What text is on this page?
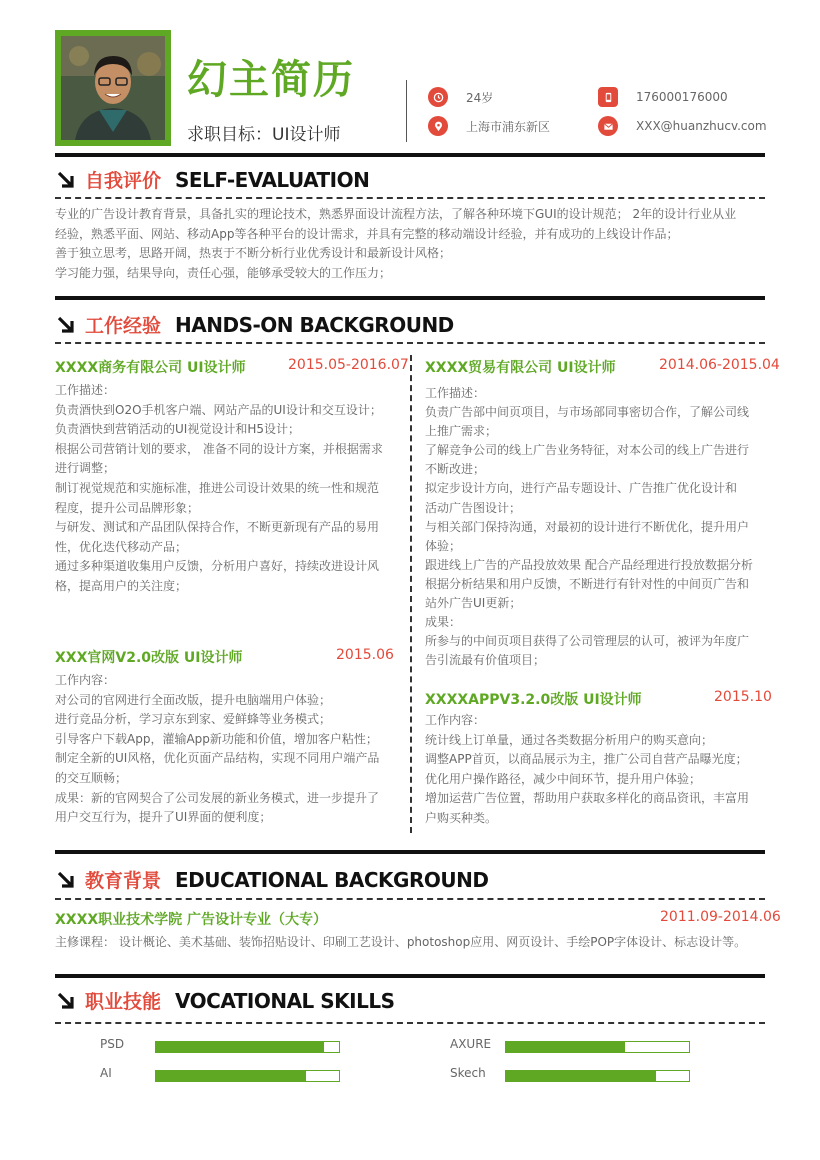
幻主简历
求职目标：UI设计师
24岁
上海市浦东新区
176000176000
XXX@huanzhucv.com
自我评价 SELF-EVALUATION
专业的广告设计教育背景，具备扎实的理论技术，熟悉界面设计流程方法，了解各种环境下GUI的设计规范； 2年的设计行业从业
经验，熟悉平面、网站、移动App等各种平台的设计需求，并具有完整的移动端设计经验，并有成功的上线设计作品；
善于独立思考，思路开阔，热衷于不断分析行业优秀设计和最新设计风格；
学习能力强，结果导向，责任心强，能够承受较大的工作压力；
工作经验 HANDS-ON BACKGROUND
XXXX商务有限公司 UI设计师	2015.05-2016.07
工作描述：
负责酒快到O2O手机客户端、网站产品的UI设计和交互设计；
负责酒快到营销活动的UI视觉设计和H5设计；
根据公司营销计划的要求， 准备不同的设计方案，并根据需求
进行调整；
制订视觉规范和实施标准，推进公司设计效果的统一性和规范
程度，提升公司品牌形象；
与研发、测试和产品团队保持合作，不断更新现有产品的易用
性，优化迭代移动产品；
通过多种渠道收集用户反馈，分析用户喜好，持续改进设计风
格，提高用户的关注度；
XXX官网V2.0改版 UI设计师	2015.06
工作内容：
对公司的官网进行全面改版，提升电脑端用户体验；
进行竞品分析，学习京东到家、爱鲜蜂等业务模式；
引导客户下载App，灌输App新功能和价值，增加客户粘性；
制定全新的UI风格，优化页面产品结构，实现不同用户端产品
的交互顺畅；
成果：新的官网契合了公司发展的新业务模式，进一步提升了
用户交互行为，提升了UI界面的便利度；
XXXX贸易有限公司 UI设计师	2014.06-2015.04
工作描述：
负责广告部中间页项目，与市场部同事密切合作，了解公司线
上推广需求；
了解竞争公司的线上广告业务特征，对本公司的线上广告进行
不断改进；
拟定步设计方向，进行产品专题设计、广告推广优化设计和
活动广告图设计；
与相关部门保持沟通，对最初的设计进行不断优化，提升用户
体验；
跟进线上广告的产品投放效果 配合产品经理进行投放数据分析
根据分析结果和用户反馈，不断进行有针对性的中间页广告和
站外广告UI更新；
成果：
所参与的中间页项目获得了公司管理层的认可，被评为年度广
告引流最有价值项目；
XXXXAPPV3.2.0改版 UI设计师	2015.10
工作内容：
统计线上订单量，通过各类数据分析用户的购买意向；
调整APP首页，以商品展示为主，推广公司自营产品曝光度；
优化用户操作路径，减少中间环节，提升用户体验；
增加运营广告位置，帮助用户获取多样化的商品资讯，丰富用
户购买种类。
教育背景 EDUCATIONAL BACKGROUND
XXXX职业技术学院 广告设计专业（大专）	2011.09-2014.06
主修课程： 设计概论、美术基础、装饰招贴设计、印刷工艺设计、photoshop应用、网页设计、手绘POP字体设计、标志设计等。
职业技能 VOCATIONAL SKILLS
PSD	AXURE
AI	Skech
